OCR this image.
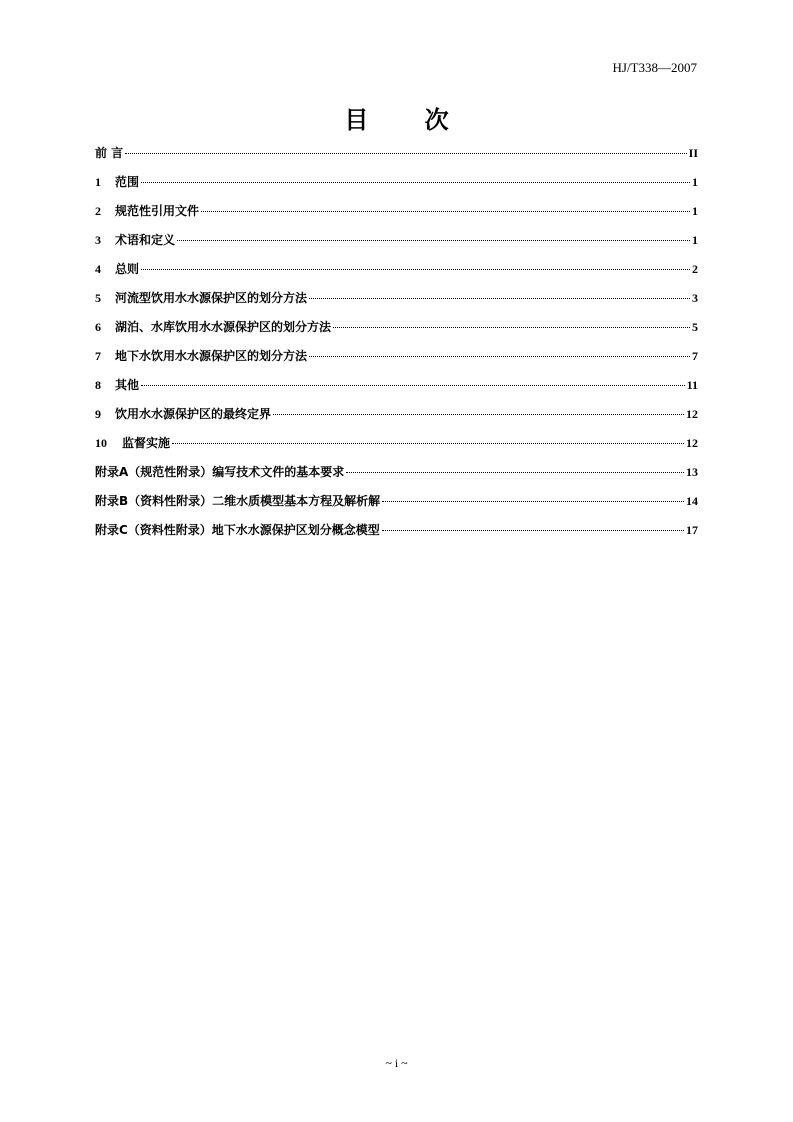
HJ/T338—2007
目 次
前 言	II
1	范围	1
2	规范性引用文件	1
3	术语和定义	1
4	总则	2
5	河流型饮用水水源保护区的划分方法	3
6	湖泊、水库饮用水水源保护区的划分方法	5
7	地下水饮用水水源保护区的划分方法	7
8	其他	11
9	饮用水水源保护区的最终定界	12
10	监督实施	12
附录A（规范性附录）编写技术文件的基本要求	13
附录B（资料性附录）二维水质模型基本方程及解析解	14
附录C（资料性附录）地下水水源保护区划分概念模型	17
~ i ~
